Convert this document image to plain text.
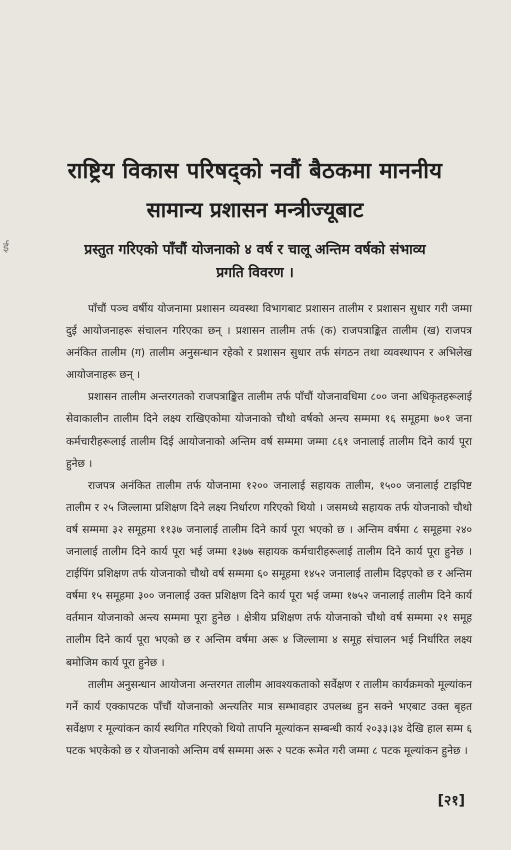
ई
राष्ट्रिय विकास परिषद्को नवौं बैठकमा माननीय
सामान्य प्रशासन मन्त्रीज्यूबाट
प्रस्तुत गरिएको पाँचौं योजनाको ४ वर्ष र चालू अन्तिम वर्षको संभाव्य
प्रगति विवरण ।

पाँचौं पञ्च वर्षीय योजनामा प्रशासन व्यवस्था विभागबाट प्रशासन तालीम र प्रशासन सुधार गरी जम्मा दुई आयोजनाहरू संचालन गरिएका छन् । प्रशासन तालीम तर्फ (क) राजपत्राङ्कित तालीम (ख) राजपत्र अनंकित तालीम (ग) तालीम अनुसन्धान रहेको र प्रशासन सुधार तर्फ संगठन तथा व्यवस्थापन र अभिलेख आयोजनाहरू छन् ।

प्रशासन तालीम अन्तरगतको राजपत्राङ्कित तालीम तर्फ पाँचौं योजनावधिमा ८०० जना अधिकृतहरूलाई सेवाकालीन तालीम दिने लक्ष्य राखिएकोमा योजनाको चौथो वर्षको अन्त्य सम्ममा १६ समूहमा ७०१ जना कर्मचारीहरूलाई तालीम दिई आयोजनाको अन्तिम वर्ष सम्ममा जम्मा ८६१ जनालाई तालीम दिने कार्य पूरा हुनेछ ।

राजपत्र अनंकित तालीम तर्फ योजनामा १२०० जनालाई सहायक तालीम, १५०० जनालाई टाइपिष्ट तालीम र २५ जिल्लामा प्रशिक्षण दिने लक्ष्य निर्धारण गरिएको थियो । जसमध्ये सहायक तर्फ योजनाको चौथो वर्ष सम्ममा ३२ समूहमा ११३७ जनालाई तालीम दिने कार्य पूरा भएको छ । अन्तिम वर्षमा ८ समूहमा २४० जनालाई तालीम दिने कार्य पूरा भई जम्मा १३७७ सहायक कर्मचारीहरूलाई तालीम दिने कार्य पूरा हुनेछ । टाईपिंग प्रशिक्षण तर्फ योजनाको चौथो वर्ष सम्ममा ६० समूहमा १४५२ जनालाई तालीम दिइएको छ र अन्तिम वर्षमा १५ समूहमा ३०० जनालाई उक्त प्रशिक्षण दिने कार्य पूरा भई जम्मा १७५२ जनालाई तालीम दिने कार्य वर्तमान योजनाको अन्त्य सम्ममा पूरा हुनेछ । क्षेत्रीय प्रशिक्षण तर्फ योजनाको चौथो वर्ष सम्ममा २१ समूह तालीम दिने कार्य पूरा भएको छ र अन्तिम वर्षमा अरू ४ जिल्लामा ४ समूह संचालन भई निर्धारित लक्ष्य बमोजिम कार्य पूरा हुनेछ ।

तालीम अनुसन्धान आयोजना अन्तरगत तालीम आवश्यकताको सर्वेक्षण र तालीम कार्यक्रमको मूल्यांकन गर्ने कार्य एक्कापटक पाँचौं योजनाको अन्त्यतिर मात्र सम्भावहार उपलब्ध हुन सक्ने भएबाट उक्त बृहत सर्वेक्षण र मूल्यांकन कार्य स्थगित गरिएको थियो तापनि मूल्यांकन सम्बन्धी कार्य २०३३।३४ देखि हाल सम्म ६ पटक भएकेको छ र योजनाको अन्तिम वर्ष सम्ममा अरू २ पटक रूमेत गरी जम्मा ८ पटक मूल्यांकन हुनेछ ।

[२१]
